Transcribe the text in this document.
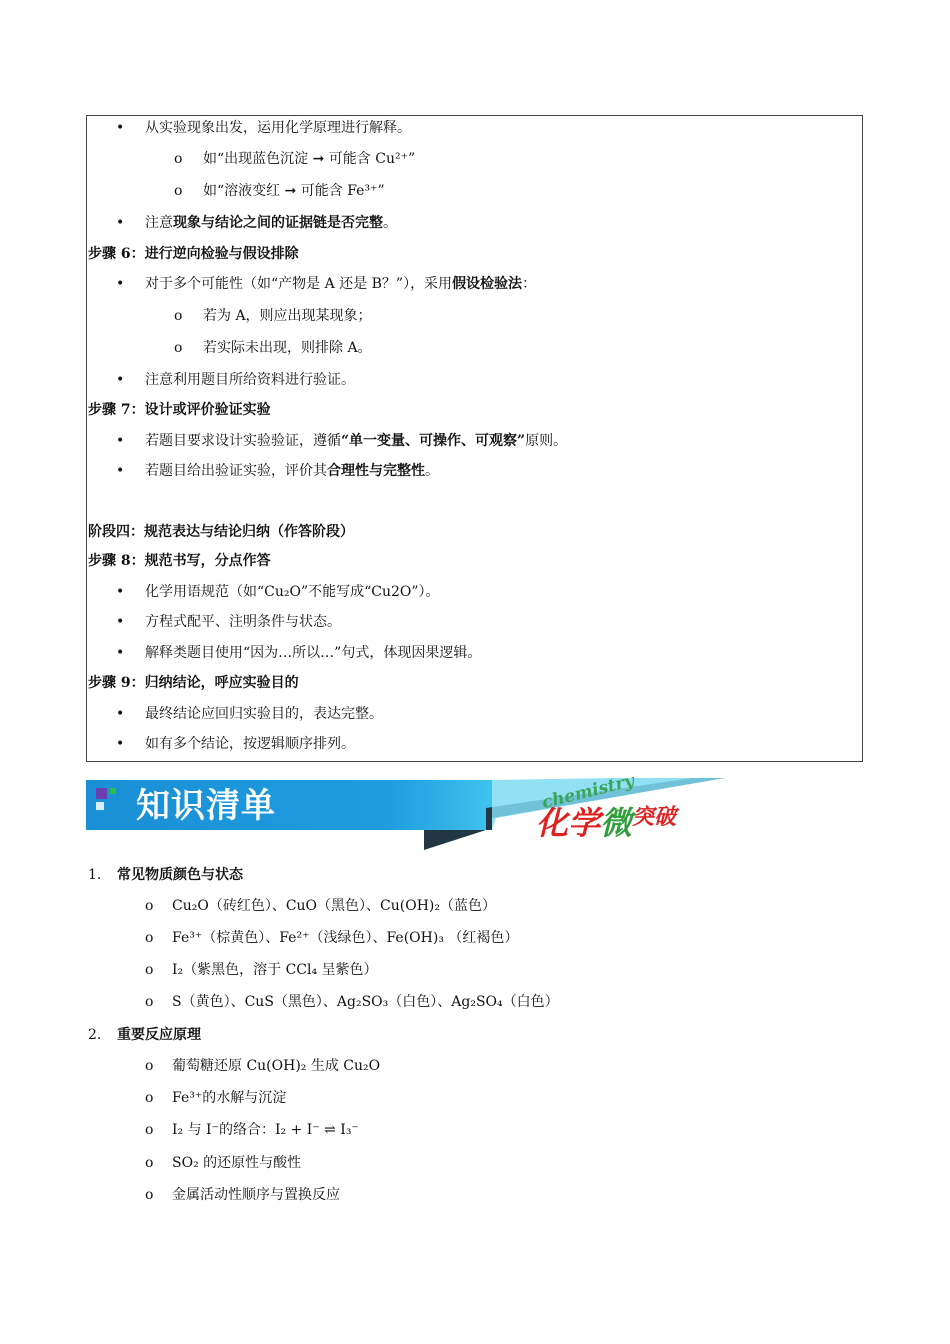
• 从实验现象出发，运用化学原理进行解释。
o 如“出现蓝色沉淀 ➞ 可能含 Cu²⁺”
o 如“溶液变红 ➞ 可能含 Fe³⁺”
• 注意现象与结论之间的证据链是否完整。
步骤 6：进行逆向检验与假设排除
• 对于多个可能性（如“产物是 A 还是 B？”），采用假设检验法：
o 若为 A，则应出现某现象；
o 若实际未出现，则排除 A。
• 注意利用题目所给资料进行验证。
步骤 7：设计或评价验证实验
• 若题目要求设计实验验证，遵循“单一变量、可操作、可观察”原则。
• 若题目给出验证实验，评价其合理性与完整性。
阶段四：规范表达与结论归纳（作答阶段）
步骤 8：规范书写，分点作答
• 化学用语规范（如“Cu₂O”不能写成“Cu2O”）。
• 方程式配平、注明条件与状态。
• 解释类题目使用“因为…所以…”句式，体现因果逻辑。
步骤 9：归纳结论，呼应实验目的
• 最终结论应回归实验目的，表达完整。
• 如有多个结论，按逻辑顺序排列。
知识清单	chemistry
化学微突破
1. 常见物质颜色与状态
o Cu₂O（砖红色）、CuO（黑色）、Cu(OH)₂（蓝色）
o Fe³⁺（棕黄色）、Fe²⁺（浅绿色）、Fe(OH)₃ （红褐色）
o I₂（紫黑色，溶于 CCl₄ 呈紫色）
o S（黄色）、CuS（黑色）、Ag₂SO₃（白色）、Ag₂SO₄（白色）
2. 重要反应原理
o 葡萄糖还原 Cu(OH)₂ 生成 Cu₂O
o Fe³⁺的水解与沉淀
o I₂ 与 I⁻的络合：I₂ + I⁻ ⇌ I₃⁻
o SO₂ 的还原性与酸性
o 金属活动性顺序与置换反应
